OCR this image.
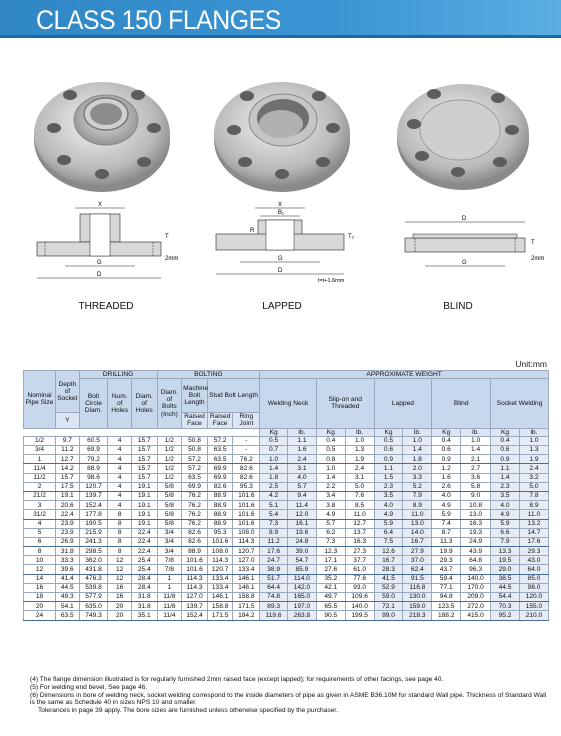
CLASS 150 FLANGES
X
G
D
T
2mm
THREADED
X
B₁
G
D
R
T₂
t=t+1.6mm
LAPPED
D
G
T
2mm
BLIND
Unit:mm
Nominal Pipe Size	Depth of Socket	DRILLING			BOLTING				APPROXIMATE WEIGHT									
		Bolt Circle Diam.	Num. of Holes	Diam. of Holes	Diam. of Bolts (Inch)	Machine Bolt Length	Stud Bolt Length		Welding Neck		Slip-on and Threaded		Lapped		Blind		Socket Welding	
	Y					Raised Face	Raised Face	Ring Joint										
									Kg	lb.	Kg	lb.	Kg	lb.	Kg	lb.	Kg	lb.
1/2	9.7	60.5	4	15.7	1/2	50.8	57.2	-	0.5	1.1	0.4	1.0	0.5	1.0	0.4	1.0	0.4	1.0
3/4	11.2	69.9	4	15.7	1/2	50.8	63.5	-	0.7	1.6	0.5	1.3	0.6	1.4	0.6	1.4	0.6	1.3
1	12.7	79.2	4	15.7	1/2	57.2	63.5	76.2	1.0	2.4	0.8	1.9	0.9	1.8	0.9	2.1	0.9	1.9
11/4	14.2	88.9	4	15.7	1/2	57.2	69.9	82.6	1.4	3.1	1.0	2.4	1.1	2.0	1.2	2.7	1.1	2.4
11/2	15.7	98.6	4	15.7	1/2	63.5	69.9	82.6	1.8	4.0	1.4	3.1	1.5	3.3	1.6	3.6	1.4	3.2
2	17.5	120.7	4	19.1	5/8	69.9	82.6	95.3	2.5	5.7	2.2	5.0	2.3	5.2	2.6	5.8	2.3	5.0
21/2	19.1	139.7	4	19.1	5/8	76.2	88.9	101.6	4.2	9.4	3.4	7.6	3.5	7.9	4.0	9.0	3.5	7.8
3	20.6	152.4	4	19.1	5/8	76.2	88.9	101.6	5.1	11.4	3.8	8.5	4.0	8.9	4.9	10.8	4.0	8.9
31/2	22.4	177.8	8	19.1	5/8	76.2	88.9	101.6	5.4	12.0	4.9	11.0	4.9	11.0	5.9	13.0	4.9	11.0
4	23.9	190.5	8	19.1	5/8	76.2	88.9	101.6	7.3	16.1	5.7	12.7	5.9	13.0	7.4	16.3	5.9	13.2
5	23.9	215.9	8	22.4	3/4	82.6	95.3	108.0	8.9	19.6	6.2	13.7	6.4	14.0	8.7	19.3	6.6	14.7
6	26.9	241.3	8	22.4	3/4	82.6	101.6	114.3	11.2	24.8	7.3	16.3	7.5	16.7	11.3	24.9	7.9	17.6
8	31.8	298.5	8	22.4	3/4	88.9	108.0	120.7	17.6	39.0	12.3	27.3	12.6	27.9	19.9	43.9	13.3	29.3
10	33.3	362.0	12	25.4	7/8	101.6	114.3	127.0	24.7	54.7	17.1	37.7	16.7	37.0	29.3	64.8	19.5	43.0
12	39.6	431.8	12	25.4	7/8	101.6	120.7	133.4	38.9	85.9	27.6	61.0	28.3	62.4	43.7	96.3	29.0	64.0
14	41.4	476.3	12	28.4	1	114.3	133.4	146.1	51.7	114.0	35.2	77.6	41.5	91.5	59.4	140.0	38.5	85.0
16	44.5	539.8	16	28.4	1	114.3	133.4	146.1	64.4	142.0	42.1	93.0	52.9	116.8	77.1	170.0	44.5	98.0
18	49.3	577.9	16	31.8	11/8	127.0	146.1	158.8	74.8	165.0	49.7	109.6	59.0	130.0	94.8	209.0	54.4	120.0
20	54.1	635.0	20	31.8	11/8	139.7	158.8	171.5	89.3	197.0	65.5	140.0	72.1	159.0	123.5	272.0	70.3	155.0
24	63.5	749.3	20	35.1	11/4	152.4	171.5	184.2	119.6	263.8	90.5	199.5	99.0	218.3	188.2	415.0	95.2	210.0
(4) The flange dimension illustrated is for regularly furnished 2mm raised face (except lapped); for requirements of other facings, see page 40.
(5) For welding end bevel, See page 46.
(6) Dimensions in bore of welding neck, socket welding correspond to the inside diameters of pipe as given in ASME B36.10M for standard Wall pipe. Thickness of Standard Wall is the same as Schedule 40 in sizes NPS 10 and smaller.
Tolerances in page 39 apply. The bore sizes are furnished unless otherwise specified by the purchaser.
